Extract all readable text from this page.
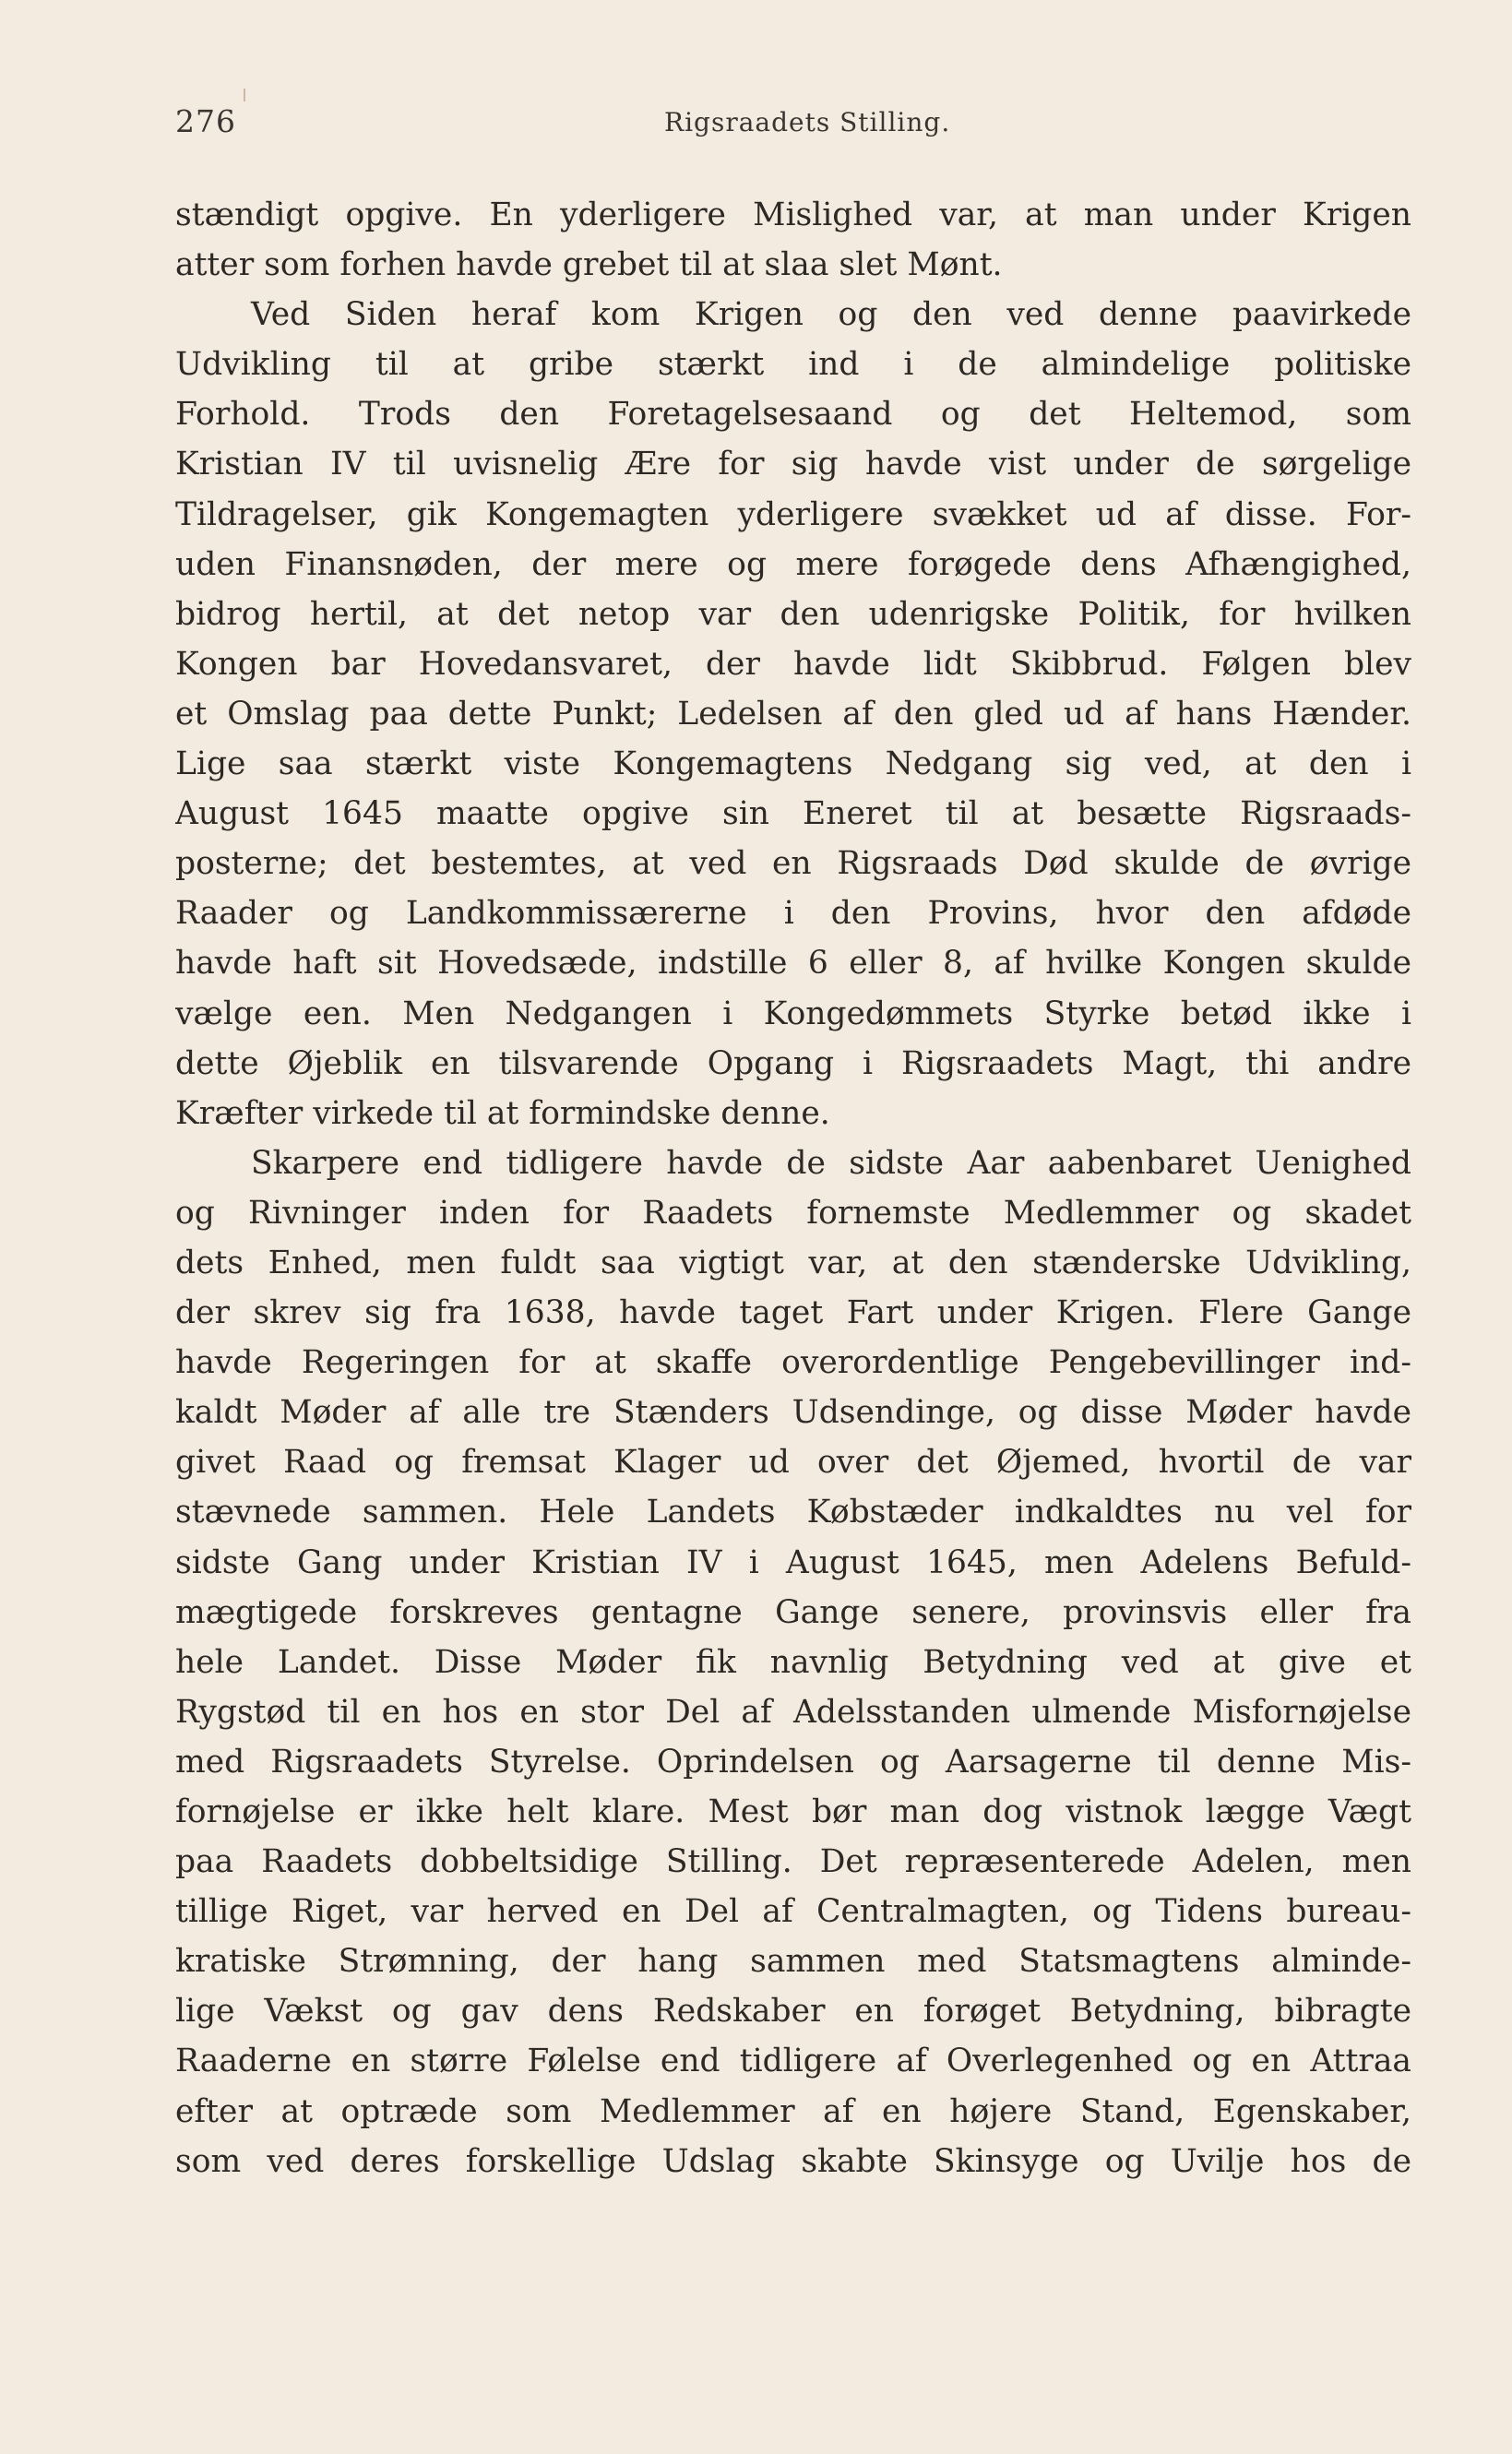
276	Rigsraadets Stilling.
stændigt opgive. En yderligere Mislighed var, at man under Krigen
atter som forhen havde grebet til at slaa slet Mønt.
Ved Siden heraf kom Krigen og den ved denne paavirkede
Udvikling til at gribe stærkt ind i de almindelige politiske
Forhold. Trods den Foretagelsesaand og det Heltemod, som
Kristian IV til uvisnelig Ære for sig havde vist under de sørgelige
Tildragelser, gik Kongemagten yderligere svækket ud af disse. For-
uden Finansnøden, der mere og mere forøgede dens Afhængighed,
bidrog hertil, at det netop var den udenrigske Politik, for hvilken
Kongen bar Hovedansvaret, der havde lidt Skibbrud. Følgen blev
et Omslag paa dette Punkt; Ledelsen af den gled ud af hans Hænder.
Lige saa stærkt viste Kongemagtens Nedgang sig ved, at den i
August 1645 maatte opgive sin Eneret til at besætte Rigsraads-
posterne; det bestemtes, at ved en Rigsraads Død skulde de øvrige
Raader og Landkommissærerne i den Provins, hvor den afdøde
havde haft sit Hovedsæde, indstille 6 eller 8, af hvilke Kongen skulde
vælge een. Men Nedgangen i Kongedømmets Styrke betød ikke i
dette Øjeblik en tilsvarende Opgang i Rigsraadets Magt, thi andre
Kræfter virkede til at formindske denne.
Skarpere end tidligere havde de sidste Aar aabenbaret Uenighed
og Rivninger inden for Raadets fornemste Medlemmer og skadet
dets Enhed, men fuldt saa vigtigt var, at den stænderske Udvikling,
der skrev sig fra 1638, havde taget Fart under Krigen. Flere Gange
havde Regeringen for at skaffe overordentlige Pengebevillinger ind-
kaldt Møder af alle tre Stænders Udsendinge, og disse Møder havde
givet Raad og fremsat Klager ud over det Øjemed, hvortil de var
stævnede sammen. Hele Landets Købstæder indkaldtes nu vel for
sidste Gang under Kristian IV i August 1645, men Adelens Befuld-
mægtigede forskreves gentagne Gange senere, provinsvis eller fra
hele Landet. Disse Møder fik navnlig Betydning ved at give et
Rygstød til en hos en stor Del af Adelsstanden ulmende Misfornøjelse
med Rigsraadets Styrelse. Oprindelsen og Aarsagerne til denne Mis-
fornøjelse er ikke helt klare. Mest bør man dog vistnok lægge Vægt
paa Raadets dobbeltsidige Stilling. Det repræsenterede Adelen, men
tillige Riget, var herved en Del af Centralmagten, og Tidens bureau-
kratiske Strømning, der hang sammen med Statsmagtens alminde-
lige Vækst og gav dens Redskaber en forøget Betydning, bibragte
Raaderne en større Følelse end tidligere af Overlegenhed og en Attraa
efter at optræde som Medlemmer af en højere Stand, Egenskaber,
som ved deres forskellige Udslag skabte Skinsyge og Uvilje hos de
